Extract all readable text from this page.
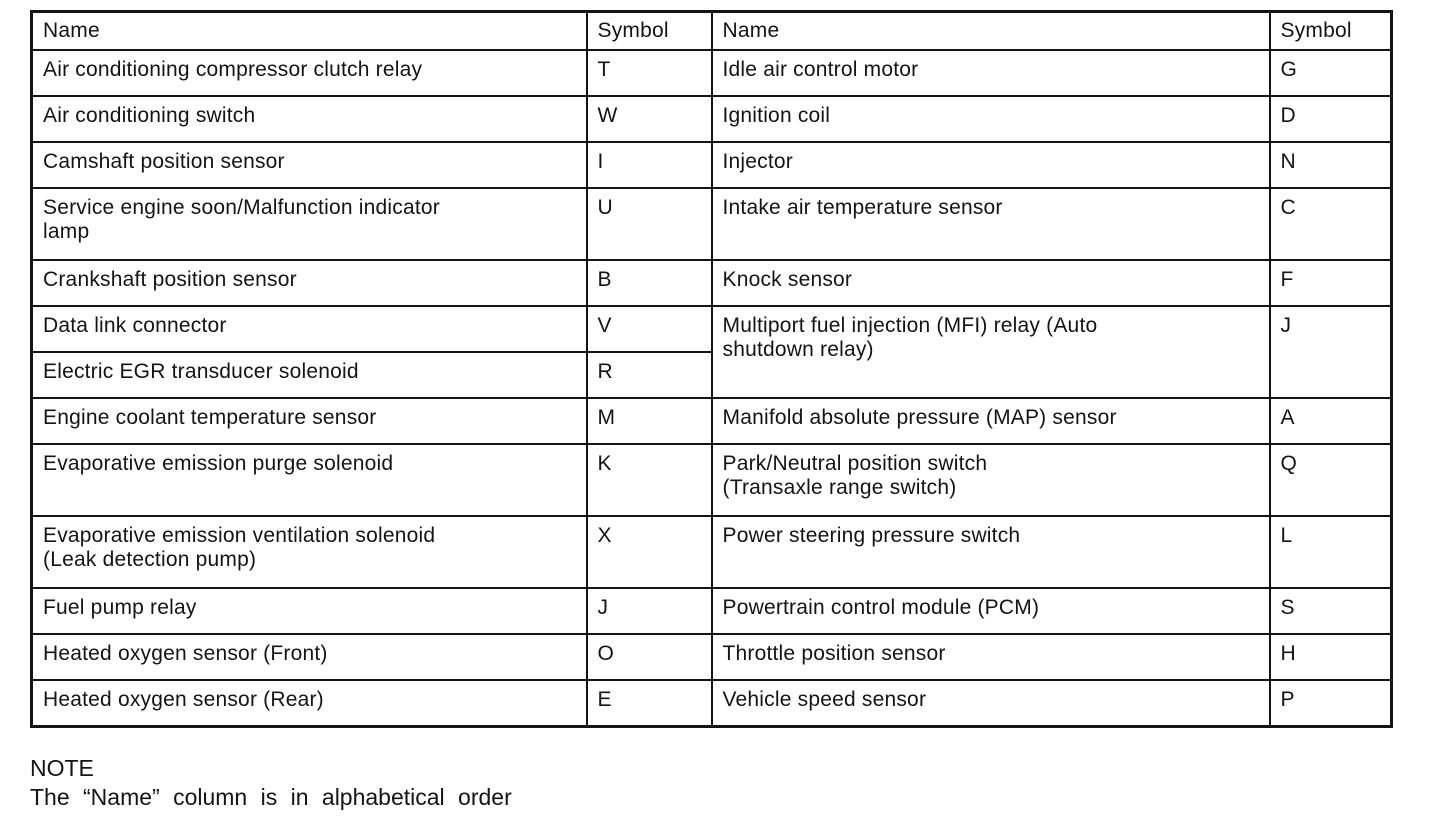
Name	Symbol	Name	Symbol
Air conditioning compressor clutch relay	T	Idle air control motor	G
Air conditioning switch	W	Ignition coil	D
Camshaft position sensor	I	Injector	N
Service engine soon/Malfunction indicator
lamp	U	Intake air temperature sensor	C
Crankshaft position sensor	B	Knock sensor	F
Data link connector	V	Multiport fuel injection (MFI) relay (Auto
shutdown relay)	J
Electric EGR transducer solenoid	R		
Engine coolant temperature sensor	M	Manifold absolute pressure (MAP) sensor	A
Evaporative emission purge solenoid	K	Park/Neutral position switch
(Transaxle range switch)	Q
Evaporative emission ventilation solenoid
(Leak detection pump)	X	Power steering pressure switch	L
Fuel pump relay	J	Powertrain control module (PCM)	S
Heated oxygen sensor (Front)	O	Throttle position sensor	H
Heated oxygen sensor (Rear)	E	Vehicle speed sensor	P
NOTE
The “Name” column is in alphabetical order
